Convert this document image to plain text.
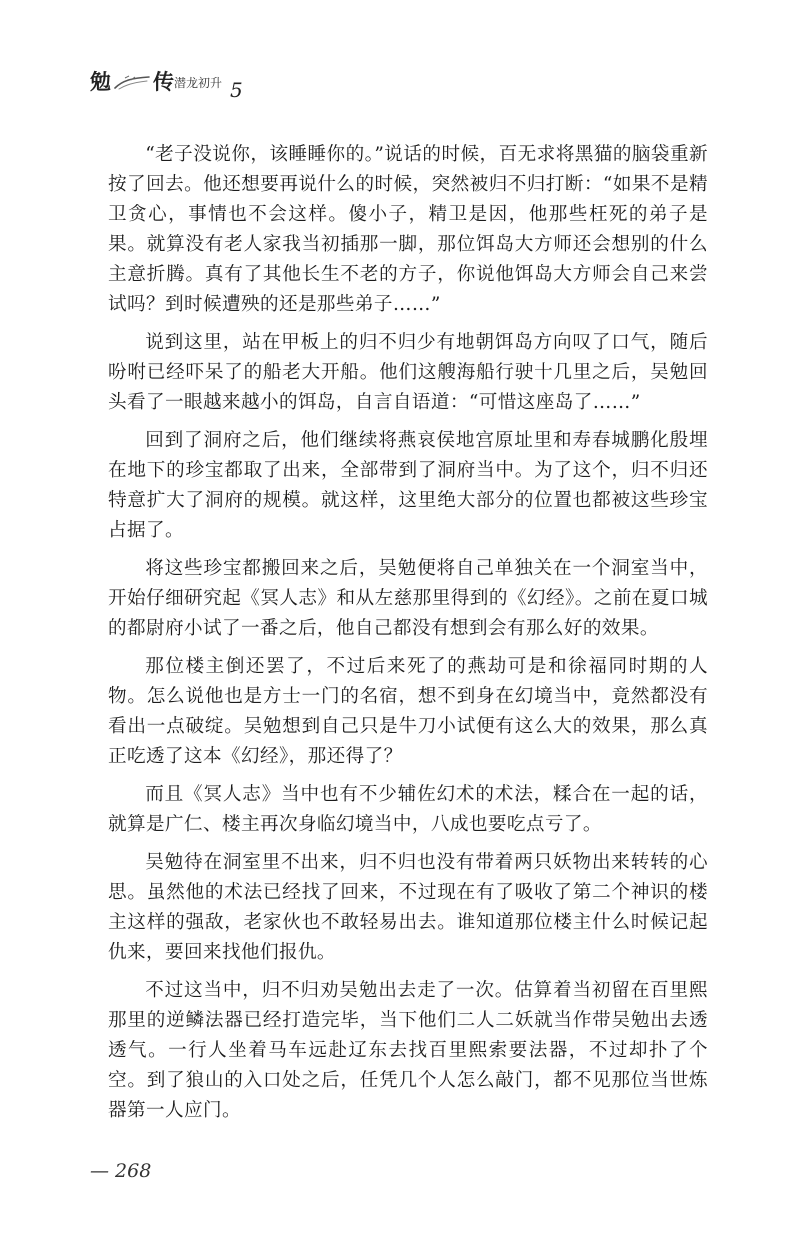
勉 传 潜龙初升 5

“老子没说你，该睡睡你的。”说话的时候，百无求将黑猫的脑袋重新按了回去。他还想要再说什么的时候，突然被归不归打断：“如果不是精卫贪心，事情也不会这样。傻小子，精卫是因，他那些枉死的弟子是果。就算没有老人家我当初插那一脚，那位饵岛大方师还会想别的什么主意折腾。真有了其他长生不老的方子，你说他饵岛大方师会自己来尝试吗？到时候遭殃的还是那些弟子……”

说到这里，站在甲板上的归不归少有地朝饵岛方向叹了口气，随后吩咐已经吓呆了的船老大开船。他们这艘海船行驶十几里之后，吴勉回头看了一眼越来越小的饵岛，自言自语道：“可惜这座岛了……”

回到了洞府之后，他们继续将燕哀侯地宫原址里和寿春城鹏化殷埋在地下的珍宝都取了出来，全部带到了洞府当中。为了这个，归不归还特意扩大了洞府的规模。就这样，这里绝大部分的位置也都被这些珍宝占据了。

将这些珍宝都搬回来之后，吴勉便将自己单独关在一个洞室当中，开始仔细研究起《冥人志》和从左慈那里得到的《幻经》。之前在夏口城的都尉府小试了一番之后，他自己都没有想到会有那么好的效果。

那位楼主倒还罢了，不过后来死了的燕劫可是和徐福同时期的人物。怎么说他也是方士一门的名宿，想不到身在幻境当中，竟然都没有看出一点破绽。吴勉想到自己只是牛刀小试便有这么大的效果，那么真正吃透了这本《幻经》，那还得了？

而且《冥人志》当中也有不少辅佐幻术的术法，糅合在一起的话，就算是广仁、楼主再次身临幻境当中，八成也要吃点亏了。

吴勉待在洞室里不出来，归不归也没有带着两只妖物出来转转的心思。虽然他的术法已经找了回来，不过现在有了吸收了第二个神识的楼主这样的强敌，老家伙也不敢轻易出去。谁知道那位楼主什么时候记起仇来，要回来找他们报仇。

不过这当中，归不归劝吴勉出去走了一次。估算着当初留在百里熙那里的逆鳞法器已经打造完毕，当下他们二人二妖就当作带吴勉出去透透气。一行人坐着马车远赴辽东去找百里熙索要法器，不过却扑了个空。到了狼山的入口处之后，任凭几个人怎么敲门，都不见那位当世炼器第一人应门。

— 268
